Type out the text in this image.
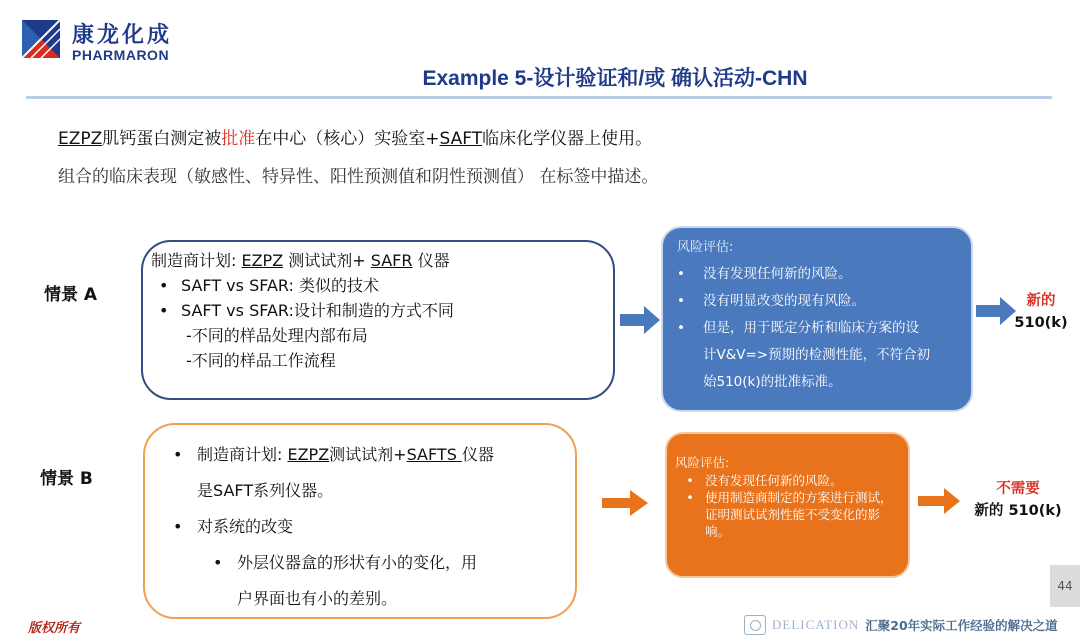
康龙化成
PHARMARON
Example 5-设计验证和/或 确认活动-CHN
EZPZ肌钙蛋白测定被批准在中心（核心）实验室+SAFT临床化学仪器上使用。
组合的临床表现（敏感性、特异性、阳性预测值和阴性预测值） 在标签中描述。
情景 A
制造商计划: EZPZ 测试试剂+ SAFR 仪器
• SAFT vs SFAR: 类似的技术
• SAFT vs SFAR:设计和制造的方式不同
-不同的样品处理内部布局
-不同的样品工作流程
风险评估:
•	没有发现任何新的风险。
•	没有明显改变的现有风险。
•	但是，用于既定分析和临床方案的设
计V&V=>预期的检测性能，不符合初
始510(k)的批准标准。
新的
510(k)
情景 B
• 制造商计划: EZPZ测试试剂+SAFTS 仪器
是SAFT系列仪器。
• 对系统的改变
• 外层仪器盒的形状有小的变化，用
户界面也有小的差别。
风险评估:
• 没有发现任何新的风险。
• 使用制造商制定的方案进行测试，证明测试试剂性能不受变化的影响。
不需要
新的 510(k)
版权所有
44
DELICATION 汇聚20年实际工作经验的解决之道
